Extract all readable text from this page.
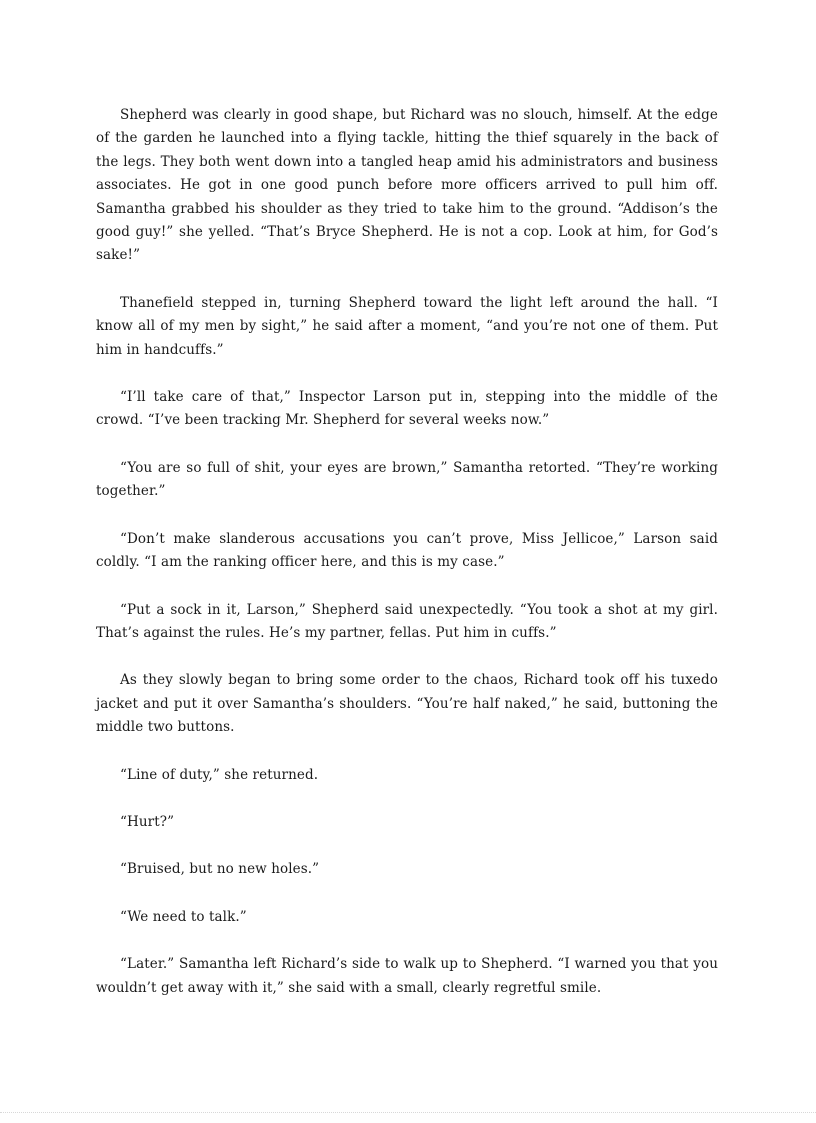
Shepherd was clearly in good shape, but Richard was no slouch, himself. At the edge of the garden he launched into a flying tackle, hitting the thief squarely in the back of the legs. They both went down into a tangled heap amid his administrators and business associates. He got in one good punch before more officers arrived to pull him off. Samantha grabbed his shoulder as they tried to take him to the ground. “Addison’s the good guy!” she yelled. “That’s Bryce Shepherd. He is not a cop. Look at him, for God’s sake!”

Thanefield stepped in, turning Shepherd toward the light left around the hall. “I know all of my men by sight,” he said after a moment, “and you’re not one of them. Put him in handcuffs.”

“I’ll take care of that,” Inspector Larson put in, stepping into the middle of the crowd. “I’ve been tracking Mr. Shepherd for several weeks now.”

“You are so full of shit, your eyes are brown,” Samantha retorted. “They’re working together.”

“Don’t make slanderous accusations you can’t prove, Miss Jellicoe,” Larson said coldly. “I am the ranking officer here, and this is my case.”

“Put a sock in it, Larson,” Shepherd said unexpectedly. “You took a shot at my girl. That’s against the rules. He’s my partner, fellas. Put him in cuffs.”

As they slowly began to bring some order to the chaos, Richard took off his tuxedo jacket and put it over Samantha’s shoulders. “You’re half naked,” he said, buttoning the middle two buttons.

“Line of duty,” she returned.

“Hurt?”

“Bruised, but no new holes.”

“We need to talk.”

“Later.” Samantha left Richard’s side to walk up to Shepherd. “I warned you that you wouldn’t get away with it,” she said with a small, clearly regretful smile.
